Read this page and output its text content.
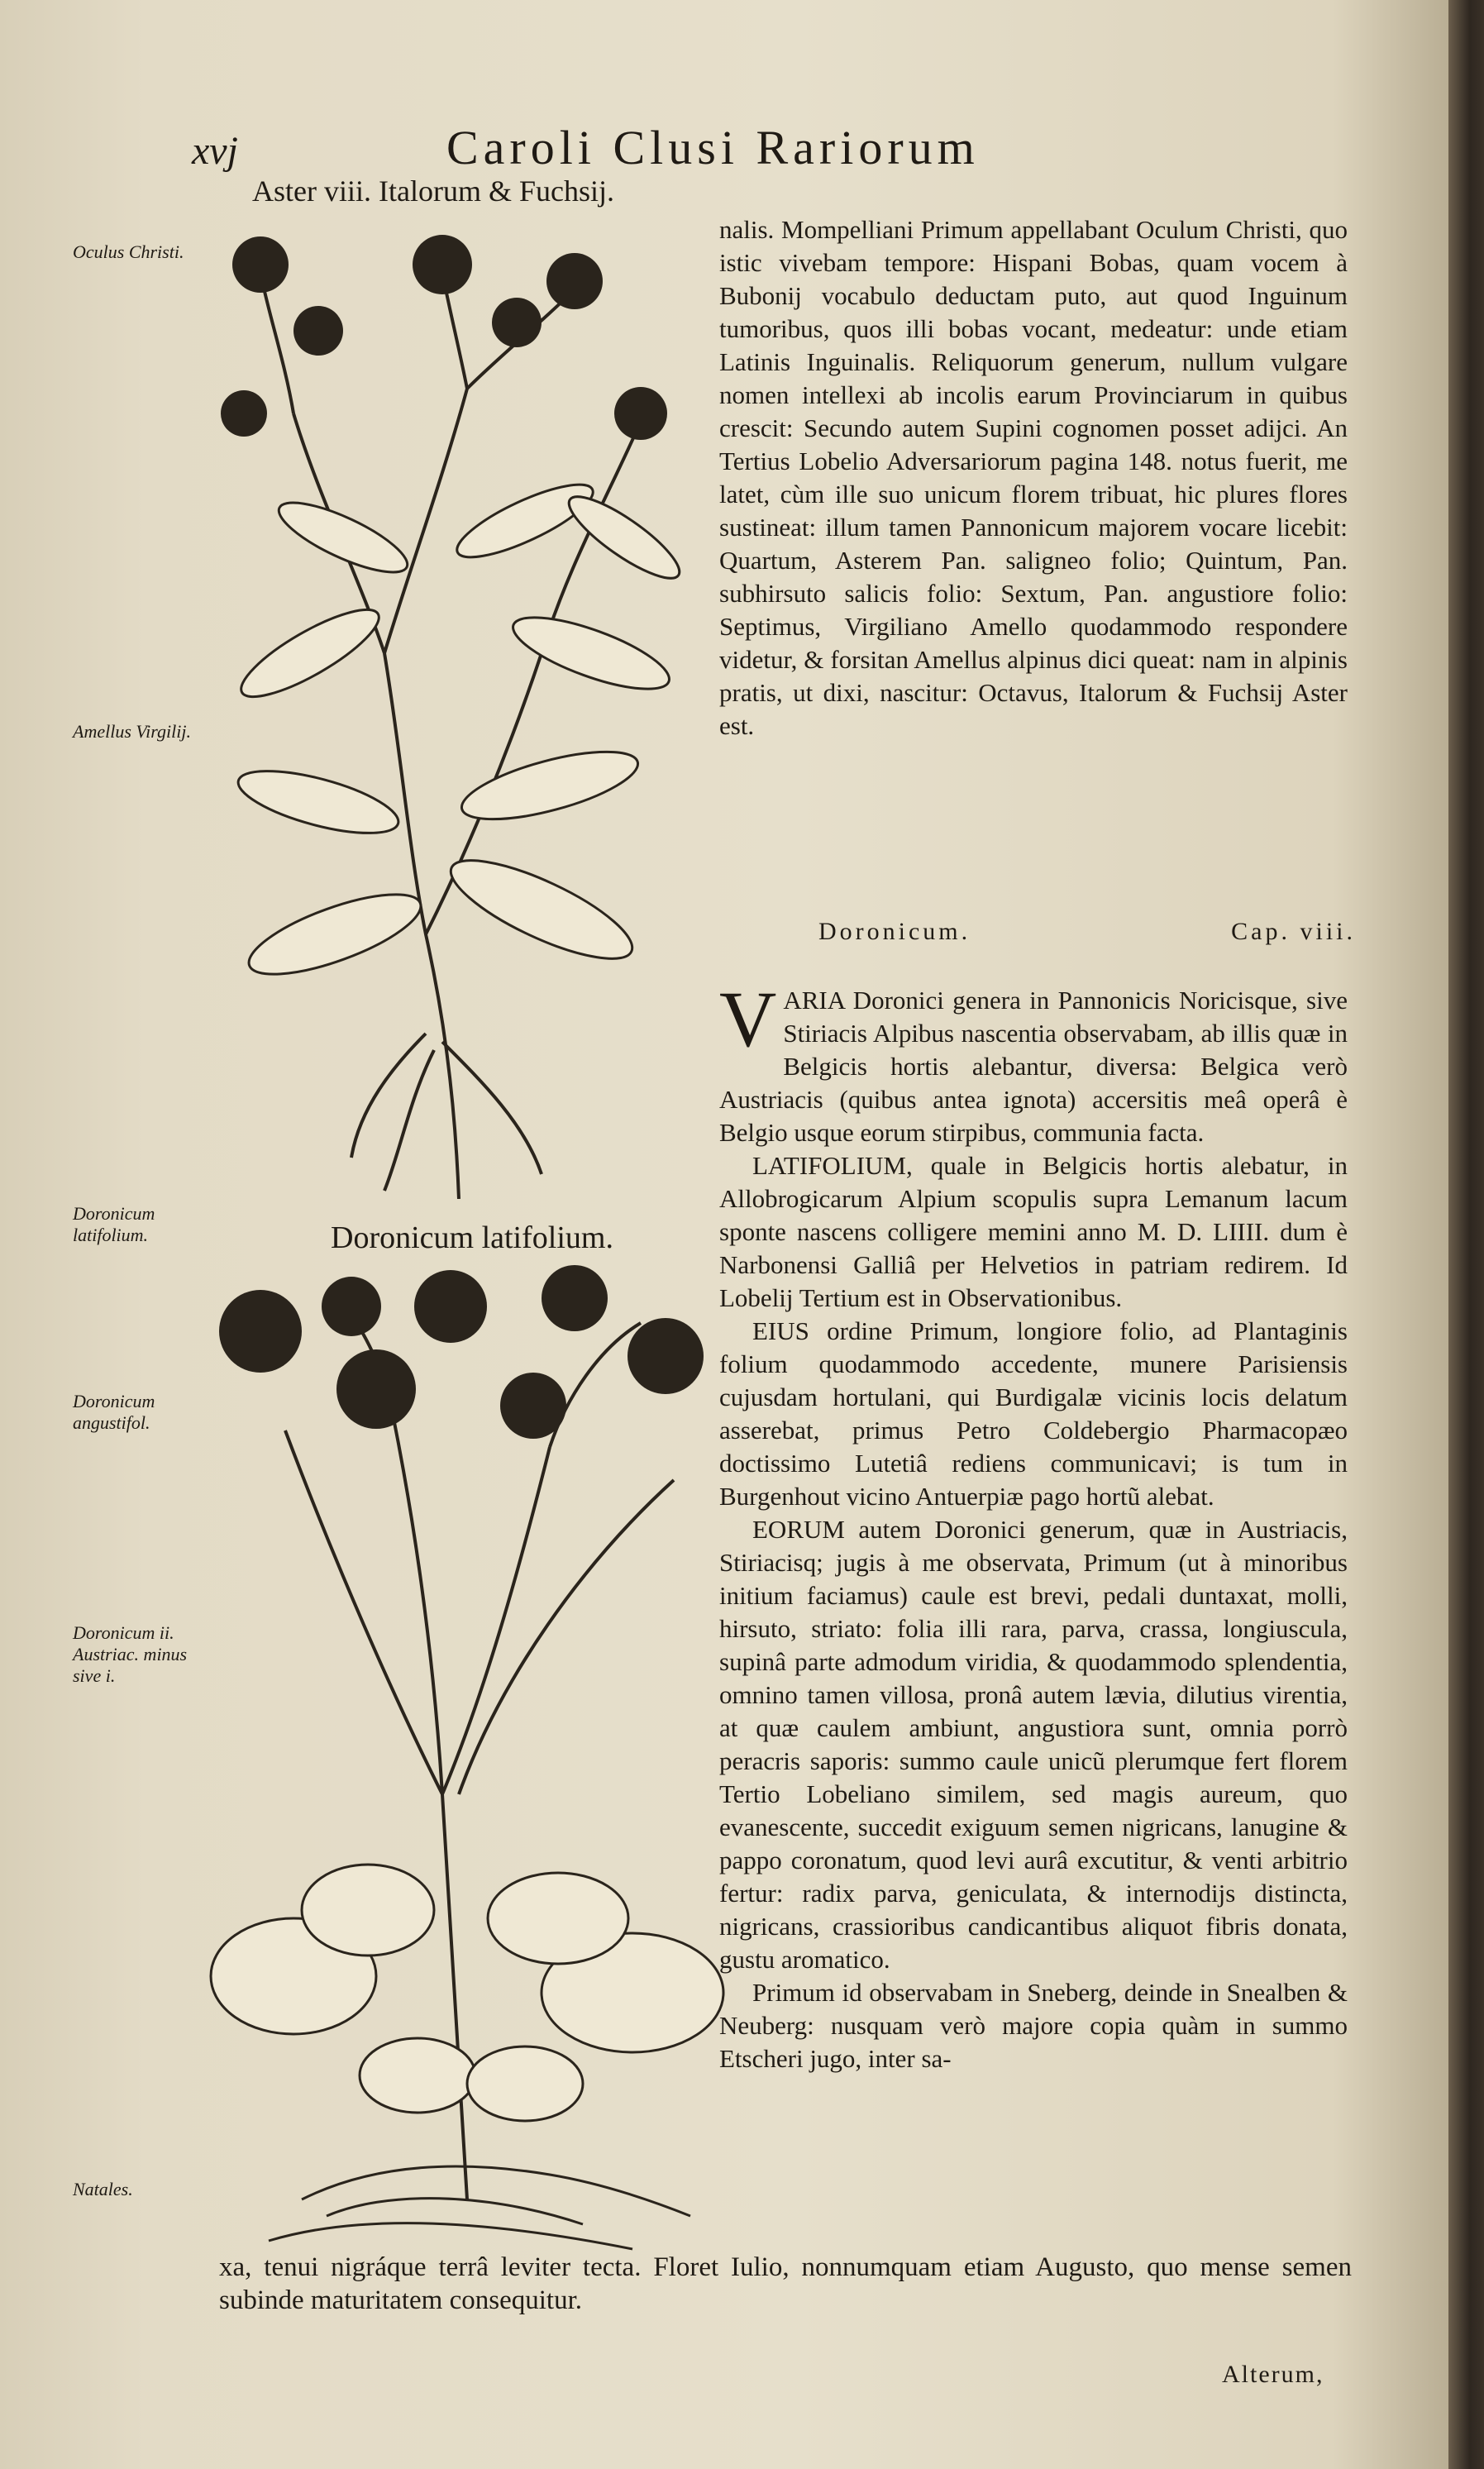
xvj	Caroli Clusi Rariorum
Aster viii. Italorum & Fuchsij.
Oculus Christi.
Amellus Virgilij.
Doronicum latifolium.
Doronicum angustifol.
Doronicum ii. Austriac. minus sive i.
Natales.
Doronicum latifolium.

nalis. Mompelliani Primum appellabant Oculum Christi, quo istic vivebam tempore: Hispani Bobas, quam vocem à Bubonij vocabulo deductam puto, aut quod Inguinum tumoribus, quos illi bobas vocant, medeatur: unde etiam Latinis Inguinalis. Reliquorum generum, nullum vulgare nomen intellexi ab incolis earum Provinciarum in quibus crescit: Secundo autem Supini cognomen posset adijci. An Tertius Lobelio Adversariorum pagina 148. notus fuerit, me latet, cùm ille suo unicum florem tribuat, hic plures flores sustineat: illum tamen Pannonicum majorem vocare licebit: Quartum, Asterem Pan. saligneo folio; Quintum, Pan. subhirsuto salicis folio: Sextum, Pan. angustiore folio: Septimus, Virgiliano Amello quodammodo respondere videtur, & forsitan Amellus alpinus dici queat: nam in alpinis pratis, ut dixi, nascitur: Octavus, Italorum & Fuchsij Aster est.

Doronicum.	Cap. viii.

VARIA Doronici genera in Pannonicis Noricisque, sive Stiriacis Alpibus nascentia observabam, ab illis quæ in Belgicis hortis alebantur, diversa: Belgica verò Austriacis (quibus antea ignota) accersitis meâ operâ è Belgio usque eorum stirpibus, communia facta.

LATIFOLIUM, quale in Belgicis hortis alebatur, in Allobrogicarum Alpium scopulis supra Lemanum lacum sponte nascens colligere memini anno M. D. LIIII. dum è Narbonensi Galliâ per Helvetios in patriam redirem. Id Lobelij Tertium est in Observationibus.

EIUS ordine Primum, longiore folio, ad Plantaginis folium quodammodo accedente, munere Parisiensis cujusdam hortulani, qui Burdigalæ vicinis locis delatum asserebat, primus Petro Coldebergio Pharmacopæo doctissimo Lutetiâ rediens communicavi; is tum in Burgenhout vicino Antuerpiæ pago hortũ alebat.

EORUM autem Doronici generum, quæ in Austriacis, Stiriacisq; jugis à me observata, Primum (ut à minoribus initium faciamus) caule est brevi, pedali duntaxat, molli, hirsuto, striato: folia illi rara, parva, crassa, longiuscula, supinâ parte admodum viridia, & quodammodo splendentia, omnino tamen villosa, pronâ autem lævia, dilutius virentia, at quæ caulem ambiunt, angustiora sunt, omnia porrò peracris saporis: summo caule unicũ plerumque fert florem Tertio Lobeliano similem, sed magis aureum, quo evanescente, succedit exiguum semen nigricans, lanugine & pappo coronatum, quod levi aurâ excutitur, & venti arbitrio fertur: radix parva, geniculata, & internodijs distincta, nigricans, crassioribus candicantibus aliquot fibris donata, gustu aromatico.

Primum id observabam in Sneberg, deinde in Snealben & Neuberg: nusquam verò majore copia quàm in summo Etscheri jugo, inter sa-

xa, tenui nigráque terrâ leviter tecta. Floret Iulio, nonnumquam etiam Augusto, quo mense semen subinde maturitatem consequitur.
Alterum,
